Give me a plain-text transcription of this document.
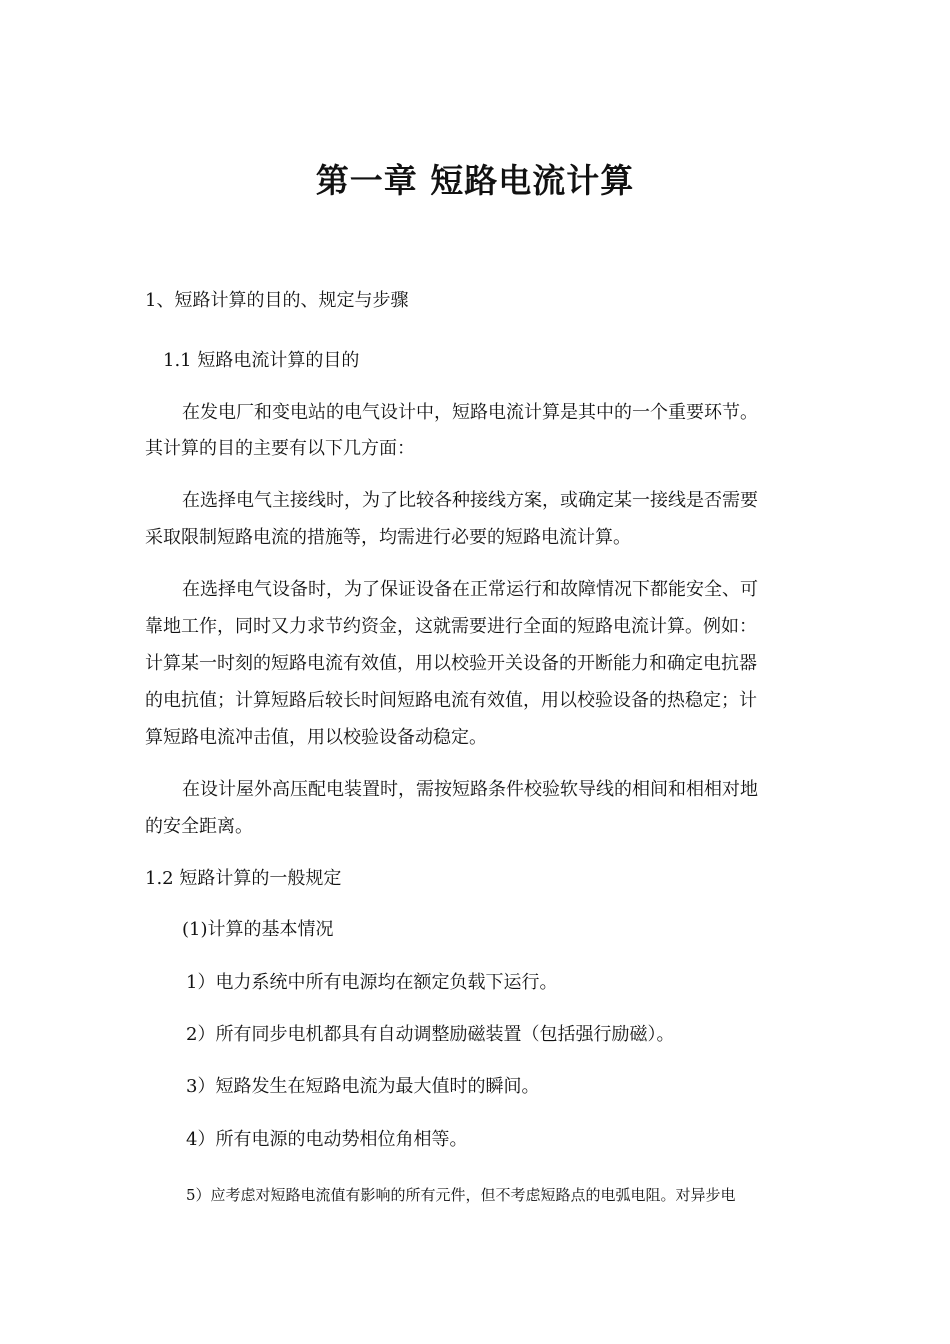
第一章 短路电流计算
1、短路计算的目的、规定与步骤
1.1 短路电流计算的目的
在发电厂和变电站的电气设计中，短路电流计算是其中的一个重要环节。
其计算的目的主要有以下几方面：
在选择电气主接线时，为了比较各种接线方案，或确定某一接线是否需要
采取限制短路电流的措施等，均需进行必要的短路电流计算。
在选择电气设备时，为了保证设备在正常运行和故障情况下都能安全、可
靠地工作，同时又力求节约资金，这就需要进行全面的短路电流计算。例如：
计算某一时刻的短路电流有效值，用以校验开关设备的开断能力和确定电抗器
的电抗值；计算短路后较长时间短路电流有效值，用以校验设备的热稳定；计
算短路电流冲击值，用以校验设备动稳定。
在设计屋外高压配电装置时，需按短路条件校验软导线的相间和相相对地
的安全距离。
1.2 短路计算的一般规定
(1)计算的基本情况
1）电力系统中所有电源均在额定负载下运行。
2）所有同步电机都具有自动调整励磁装置（包括强行励磁）。
3）短路发生在短路电流为最大值时的瞬间。
4）所有电源的电动势相位角相等。
5）应考虑对短路电流值有影响的所有元件，但不考虑短路点的电弧电阻。对异步电
